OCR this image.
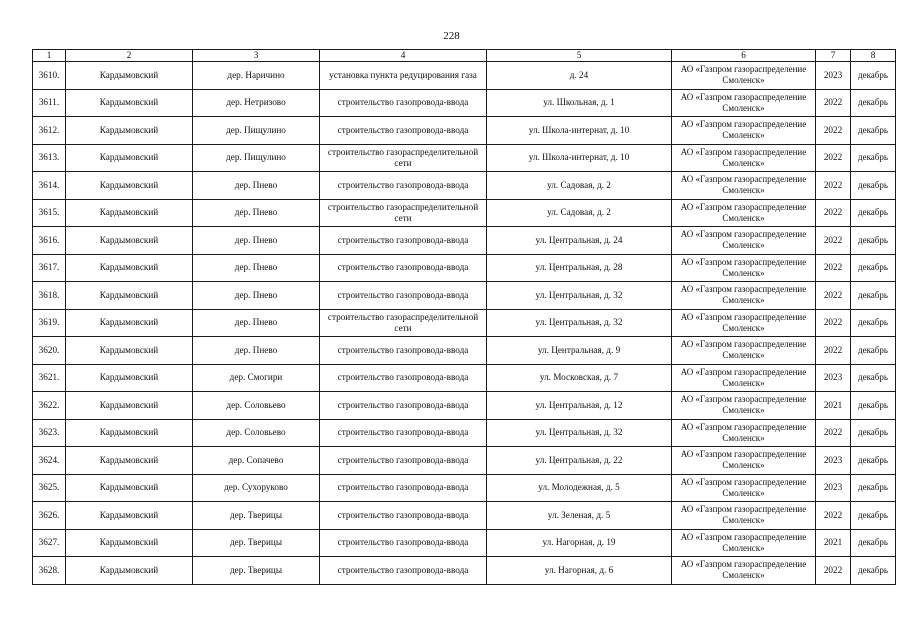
228
1	2	3	4	5	6	7	8
3610.	Кардымовский	дер. Наричино	установка пункта редуцирования газа	д. 24	АО «Газпром газораспределение Смоленск»	2023	декабрь
3611.	Кардымовский	дер. Нетризово	строительство газопровода-ввода	ул. Школьная, д. 1	АО «Газпром газораспределение Смоленск»	2022	декабрь
3612.	Кардымовский	дер. Пищулино	строительство газопровода-ввода	ул. Школа-интернат, д. 10	АО «Газпром газораспределение Смоленск»	2022	декабрь
3613.	Кардымовский	дер. Пищулино	строительство газораспределительной сети	ул. Школа-интернат, д. 10	АО «Газпром газораспределение Смоленск»	2022	декабрь
3614.	Кардымовский	дер. Пнево	строительство газопровода-ввода	ул. Садовая, д. 2	АО «Газпром газораспределение Смоленск»	2022	декабрь
3615.	Кардымовский	дер. Пнево	строительство газораспределительной сети	ул. Садовая, д. 2	АО «Газпром газораспределение Смоленск»	2022	декабрь
3616.	Кардымовский	дер. Пнево	строительство газопровода-ввода	ул. Центральная, д. 24	АО «Газпром газораспределение Смоленск»	2022	декабрь
3617.	Кардымовский	дер. Пнево	строительство газопровода-ввода	ул. Центральная, д. 28	АО «Газпром газораспределение Смоленск»	2022	декабрь
3618.	Кардымовский	дер. Пнево	строительство газопровода-ввода	ул. Центральная, д. 32	АО «Газпром газораспределение Смоленск»	2022	декабрь
3619.	Кардымовский	дер. Пнево	строительство газораспределительной сети	ул. Центральная, д. 32	АО «Газпром газораспределение Смоленск»	2022	декабрь
3620.	Кардымовский	дер. Пнево	строительство газопровода-ввода	ул. Центральная, д. 9	АО «Газпром газораспределение Смоленск»	2022	декабрь
3621.	Кардымовский	дер. Смогири	строительство газопровода-ввода	ул. Московская, д. 7	АО «Газпром газораспределение Смоленск»	2023	декабрь
3622.	Кардымовский	дер. Соловьево	строительство газопровода-ввода	ул. Центральная, д. 12	АО «Газпром газораспределение Смоленск»	2021	декабрь
3623.	Кардымовский	дер. Соловьево	строительство газопровода-ввода	ул. Центральная, д. 32	АО «Газпром газораспределение Смоленск»	2022	декабрь
3624.	Кардымовский	дер. Сопачево	строительство газопровода-ввода	ул. Центральная, д. 22	АО «Газпром газораспределение Смоленск»	2023	декабрь
3625.	Кардымовский	дер. Сухоруково	строительство газопровода-ввода	ул. Молодежная, д. 5	АО «Газпром газораспределение Смоленск»	2023	декабрь
3626.	Кардымовский	дер. Тверицы	строительство газопровода-ввода	ул. Зеленая, д. 5	АО «Газпром газораспределение Смоленск»	2022	декабрь
3627.	Кардымовский	дер. Тверицы	строительство газопровода-ввода	ул. Нагорная, д. 19	АО «Газпром газораспределение Смоленск»	2021	декабрь
3628.	Кардымовский	дер. Тверицы	строительство газопровода-ввода	ул. Нагорная, д. 6	АО «Газпром газораспределение Смоленск»	2022	декабрь
